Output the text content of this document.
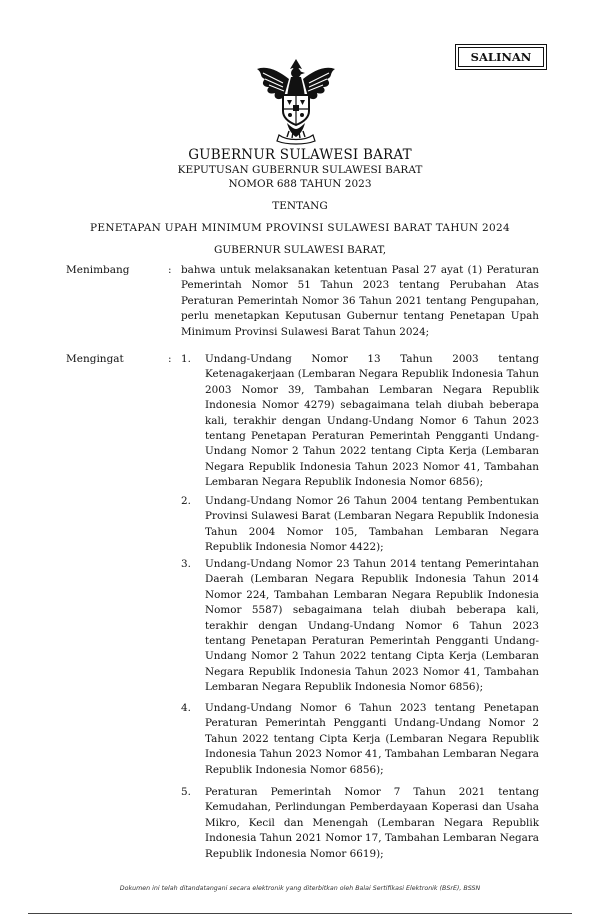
SALINAN
GUBERNUR SULAWESI BARAT
KEPUTUSAN GUBERNUR SULAWESI BARAT
NOMOR 688 TAHUN 2023
TENTANG
PENETAPAN UPAH MINIMUM PROVINSI SULAWESI BARAT TAHUN 2024
GUBERNUR SULAWESI BARAT,
Menimbang	: bahwa untuk melaksanakan ketentuan Pasal 27 ayat (1) Peraturan Pemerintah Nomor 51 Tahun 2023 tentang Perubahan Atas Peraturan Pemerintah Nomor 36 Tahun 2021 tentang Pengupahan, perlu menetapkan Keputusan Gubernur tentang Penetapan Upah Minimum Provinsi Sulawesi Barat Tahun 2024;
Mengingat	: 1.	Undang-Undang Nomor 13 Tahun 2003 tentang Ketenagakerjaan (Lembaran Negara Republik Indonesia Tahun 2003 Nomor 39, Tambahan Lembaran Negara Republik Indonesia Nomor 4279) sebagaimana telah diubah beberapa kali, terakhir dengan Undang-Undang Nomor 6 Tahun 2023 tentang Penetapan Peraturan Pemerintah Pengganti Undang-Undang Nomor 2 Tahun 2022 tentang Cipta Kerja (Lembaran Negara Republik Indonesia Tahun 2023 Nomor 41, Tambahan Lembaran Negara Republik Indonesia Nomor 6856);
2.	Undang-Undang Nomor 26 Tahun 2004 tentang Pembentukan Provinsi Sulawesi Barat (Lembaran Negara Republik Indonesia Tahun 2004 Nomor 105, Tambahan Lembaran Negara Republik Indonesia Nomor 4422);
3.	Undang-Undang Nomor 23 Tahun 2014 tentang Pemerintahan Daerah (Lembaran Negara Republik Indonesia Tahun 2014 Nomor 224, Tambahan Lembaran Negara Republik Indonesia Nomor 5587) sebagaimana telah diubah beberapa kali, terakhir dengan Undang-Undang Nomor 6 Tahun 2023 tentang Penetapan Peraturan Pemerintah Pengganti Undang-Undang Nomor 2 Tahun 2022 tentang Cipta Kerja (Lembaran Negara Republik Indonesia Tahun 2023 Nomor 41, Tambahan Lembaran Negara Republik Indonesia Nomor 6856);
4.	Undang-Undang Nomor 6 Tahun 2023 tentang Penetapan Peraturan Pemerintah Pengganti Undang-Undang Nomor 2 Tahun 2022 tentang Cipta Kerja (Lembaran Negara Republik Indonesia Tahun 2023 Nomor 41, Tambahan Lembaran Negara Republik Indonesia Nomor 6856);
5.	Peraturan Pemerintah Nomor 7 Tahun 2021 tentang Kemudahan, Perlindungan Pemberdayaan Koperasi dan Usaha Mikro, Kecil dan Menengah (Lembaran Negara Republik Indonesia Tahun 2021 Nomor 17, Tambahan Lembaran Negara Republik Indonesia Nomor 6619);
Dokumen ini telah ditandatangani secara elektronik yang diterbitkan oleh Balai Sertifikasi Elektronik (BSrE), BSSN
